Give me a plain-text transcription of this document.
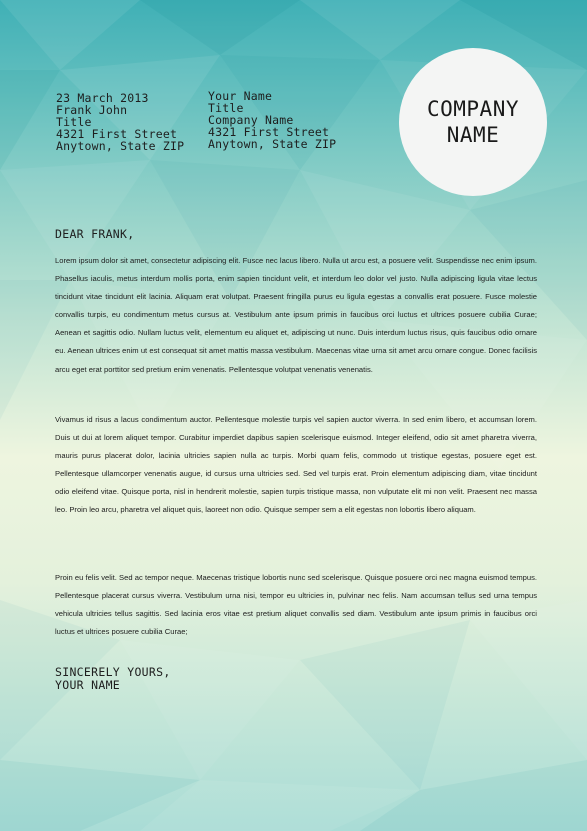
23 March 2013
Frank John
Title
4321 First Street
Anytown, State ZIP
Your Name
Title
Company Name
4321 First Street
Anytown, State ZIP
COMPANY
NAME
DEAR FRANK,

Lorem ipsum dolor sit amet, consectetur adipiscing elit. Fusce nec lacus libero. Nulla ut arcu est, a posuere velit. Suspendisse nec enim ipsum. Phasellus iaculis, metus interdum mollis porta, enim sapien tincidunt velit, et interdum leo dolor vel justo. Nulla adipiscing ligula vitae lectus tincidunt vitae tincidunt elit lacinia. Aliquam erat volutpat. Praesent fringilla purus eu ligula egestas a convallis erat posuere. Fusce molestie convallis turpis, eu condimentum metus cursus at. Vestibulum ante ipsum primis in faucibus orci luctus et ultrices posuere cubilia Curae; Aenean et sagittis odio. Nullam luctus velit, elementum eu aliquet et, adipiscing ut nunc. Duis interdum luctus risus, quis faucibus odio ornare eu. Aenean ultrices enim ut est consequat sit amet mattis massa vestibulum. Maecenas vitae urna sit amet arcu ornare congue. Donec facilisis arcu eget erat porttitor sed pretium enim venenatis. Pellentesque volutpat venenatis venenatis.

Vivamus id risus a lacus condimentum auctor. Pellentesque molestie turpis vel sapien auctor viverra. In sed enim libero, et accumsan lorem. Duis ut dui at lorem aliquet tempor. Curabitur imperdiet dapibus sapien scelerisque euismod. Integer eleifend, odio sit amet pharetra viverra, mauris purus placerat dolor, lacinia ultricies sapien nulla ac turpis. Morbi quam felis, commodo ut tristique egestas, posuere eget est. Pellentesque ullamcorper venenatis augue, id cursus urna ultricies sed. Sed vel turpis erat. Proin elementum adipiscing diam, vitae tincidunt odio eleifend vitae. Quisque porta, nisl in hendrerit molestie, sapien turpis tristique massa, non vulputate elit mi non velit. Praesent nec massa leo. Proin leo arcu, pharetra vel aliquet quis, laoreet non odio. Quisque semper sem a elit egestas non lobortis libero aliquam.

Proin eu felis velit. Sed ac tempor neque. Maecenas tristique lobortis nunc sed scelerisque. Quisque posuere orci nec magna euismod tempus. Pellentesque placerat cursus viverra. Vestibulum urna nisi, tempor eu ultricies in, pulvinar nec felis. Nam accumsan tellus sed urna tempus vehicula ultricies tellus sagittis. Sed lacinia eros vitae est pretium aliquet convallis sed diam. Vestibulum ante ipsum primis in faucibus orci luctus et ultrices posuere cubilia Curae;

SINCERELY YOURS,
YOUR NAME
